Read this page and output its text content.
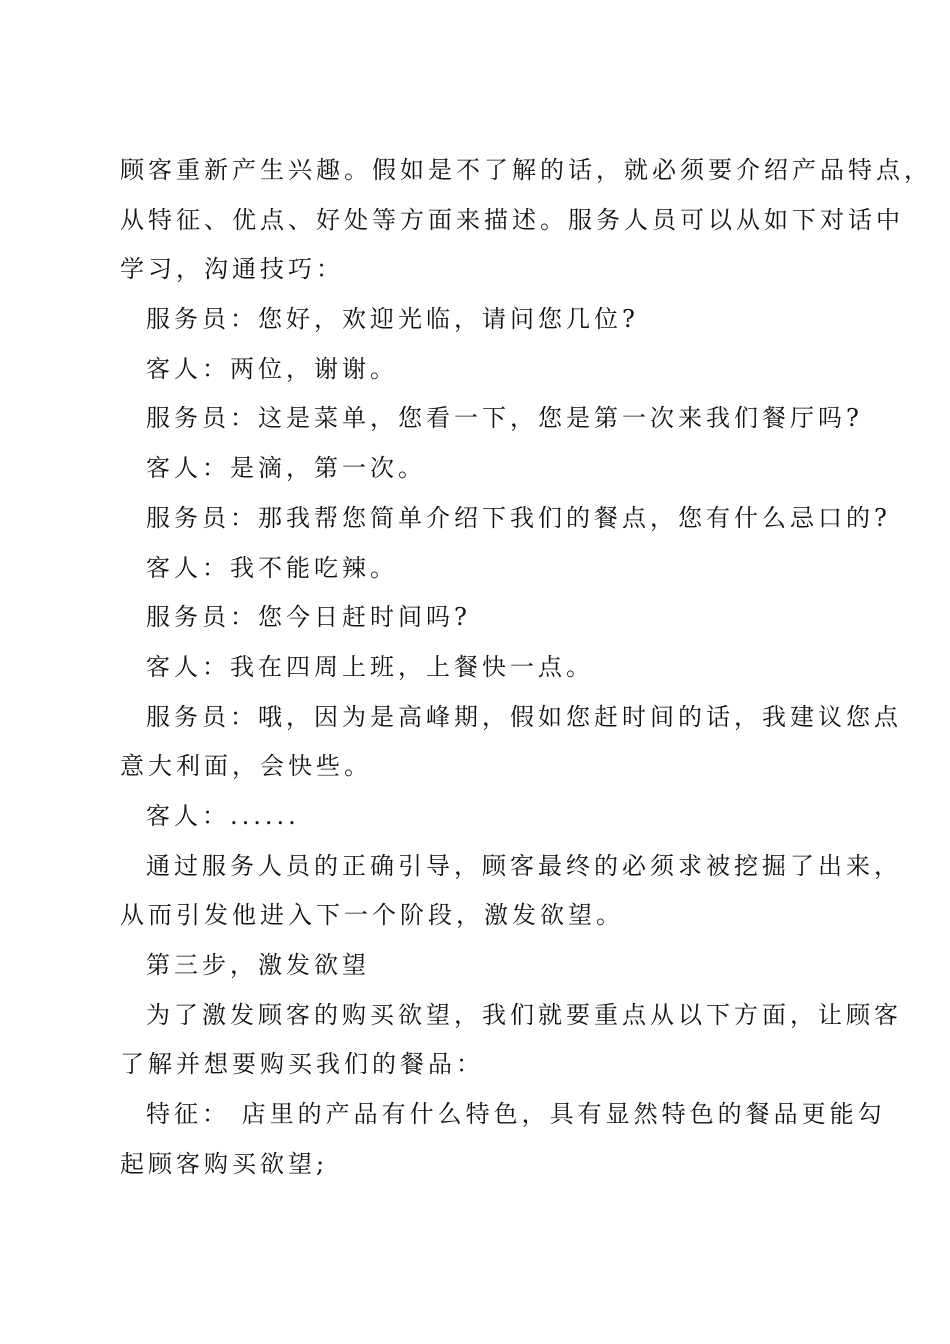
顾客重新产生兴趣。假如是不了解的话，就必须要介绍产品特点，
从特征、优点、好处等方面来描述。服务人员可以从如下对话中
学习，沟通技巧：
服务员：您好，欢迎光临，请问您几位?
客人：两位，谢谢。
服务员：这是菜单，您看一下，您是第一次来我们餐厅吗?
客人：是滴，第一次。
服务员：那我帮您简单介绍下我们的餐点，您有什么忌口的?
客人：我不能吃辣。
服务员：您今日赶时间吗?
客人：我在四周上班，上餐快一点。
服务员：哦，因为是高峰期，假如您赶时间的话，我建议您点
意大利面，会快些。
客人：......
通过服务人员的正确引导，顾客最终的必须求被挖掘了出来，
从而引发他进入下一个阶段，激发欲望。
第三步，激发欲望
为了激发顾客的购买欲望，我们就要重点从以下方面，让顾客
了解并想要购买我们的餐品：
特征： 店里的产品有什么特色，具有显然特色的餐品更能勾
起顾客购买欲望;
